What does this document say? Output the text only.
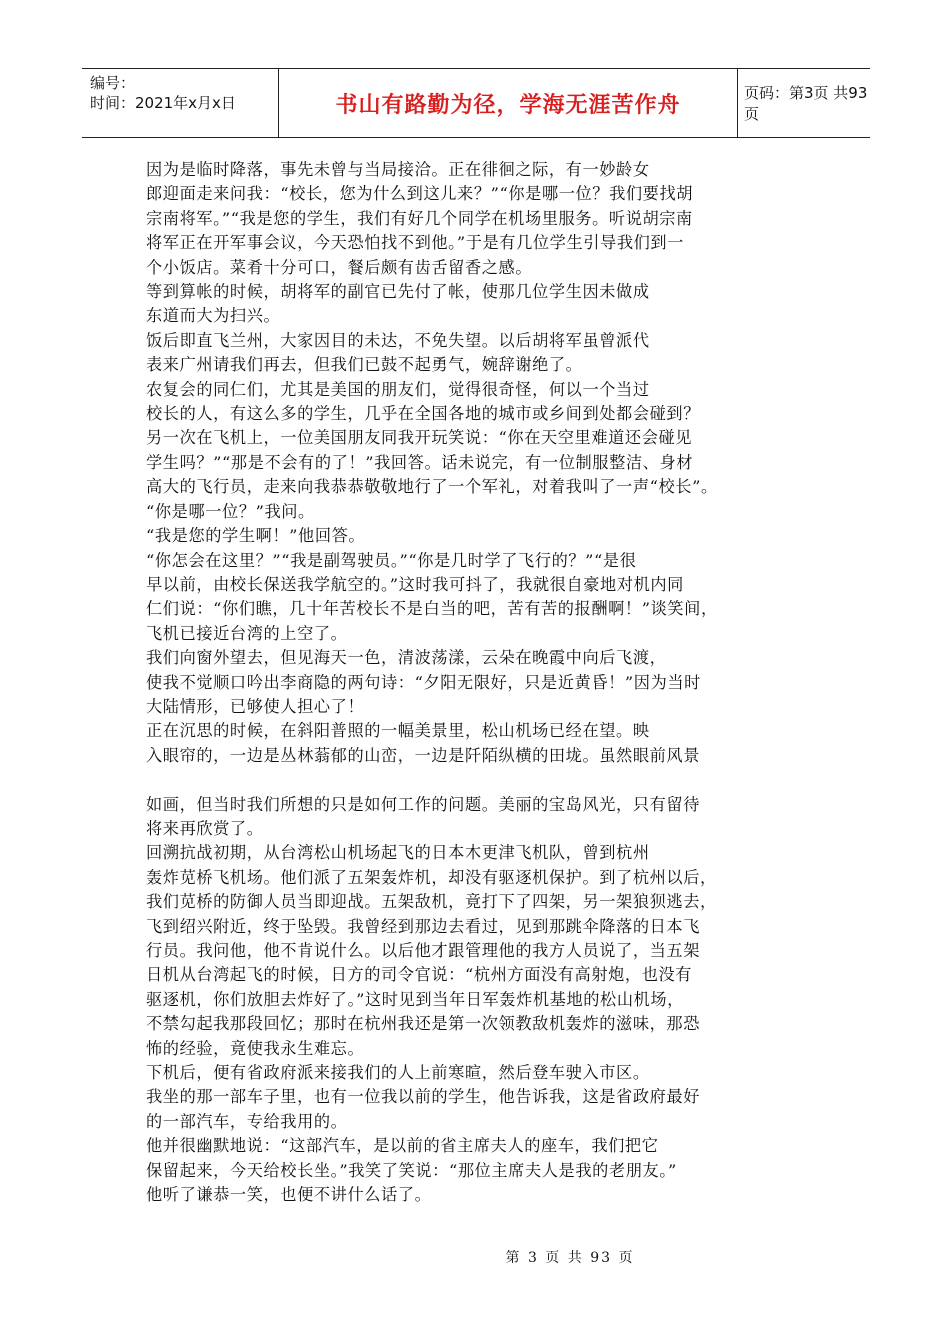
编号：
时间：2021年x月x日	书山有路勤为径，学海无涯苦作舟	页码：第3页 共93页

因为是临时降落，事先未曾与当局接洽。正在徘徊之际，有一妙龄女

郎迎面走来问我：“校长，您为什么到这儿来？”“你是哪一位？我们要找胡

宗南将军。”“我是您的学生，我们有好几个同学在机场里服务。听说胡宗南

将军正在开军事会议，今天恐怕找不到他。”于是有几位学生引导我们到一

个小饭店。菜肴十分可口，餐后颇有齿舌留香之感。

等到算帐的时候，胡将军的副官已先付了帐，使那几位学生因未做成

东道而大为扫兴。

饭后即直飞兰州，大家因目的未达，不免失望。以后胡将军虽曾派代

表来广州请我们再去，但我们已鼓不起勇气，婉辞谢绝了。

农复会的同仁们，尤其是美国的朋友们，觉得很奇怪，何以一个当过

校长的人，有这么多的学生，几乎在全国各地的城市或乡间到处都会碰到？

另一次在飞机上，一位美国朋友同我开玩笑说：“你在天空里难道还会碰见

学生吗？”“那是不会有的了！”我回答。话未说完，有一位制服整洁、身材

高大的飞行员，走来向我恭恭敬敬地行了一个军礼，对着我叫了一声“校长”。

“你是哪一位？”我问。

“我是您的学生啊！”他回答。

“你怎会在这里？”“我是副驾驶员。”“你是几时学了飞行的？”“是很

早以前，由校长保送我学航空的。”这时我可抖了，我就很自豪地对机内同

仁们说：“你们瞧，几十年苦校长不是白当的吧，苦有苦的报酬啊！”谈笑间，

飞机已接近台湾的上空了。

我们向窗外望去，但见海天一色，清波荡漾，云朵在晚霞中向后飞渡，

使我不觉顺口吟出李商隐的两句诗：“夕阳无限好，只是近黄昏！”因为当时

大陆情形，已够使人担心了！

正在沉思的时候，在斜阳普照的一幅美景里，松山机场已经在望。映

入眼帘的，一边是丛林蓊郁的山峦，一边是阡陌纵横的田垅。虽然眼前风景

如画，但当时我们所想的只是如何工作的问题。美丽的宝岛风光，只有留待

将来再欣赏了。

回溯抗战初期，从台湾松山机场起飞的日本木更津飞机队，曾到杭州

轰炸苋桥飞机场。他们派了五架轰炸机，却没有驱逐机保护。到了杭州以后，

我们苋桥的防御人员当即迎战。五架敌机，竟打下了四架，另一架狼狈逃去，

飞到绍兴附近，终于坠毁。我曾经到那边去看过，见到那跳伞降落的日本飞

行员。我问他，他不肯说什么。以后他才跟管理他的我方人员说了，当五架

日机从台湾起飞的时候，日方的司令官说：“杭州方面没有高射炮，也没有

驱逐机，你们放胆去炸好了。”这时见到当年日军轰炸机基地的松山机场，

不禁勾起我那段回忆；那时在杭州我还是第一次领教敌机轰炸的滋味，那恐

怖的经验，竟使我永生难忘。

下机后，便有省政府派来接我们的人上前寒暄，然后登车驶入市区。

我坐的那一部车子里，也有一位我以前的学生，他告诉我，这是省政府最好

的一部汽车，专给我用的。

他并很幽默地说：“这部汽车，是以前的省主席夫人的座车，我们把它

保留起来，今天给校长坐。”我笑了笑说：“那位主席夫人是我的老朋友。”

他听了谦恭一笑，也便不讲什么话了。

第 3 页 共 93 页
